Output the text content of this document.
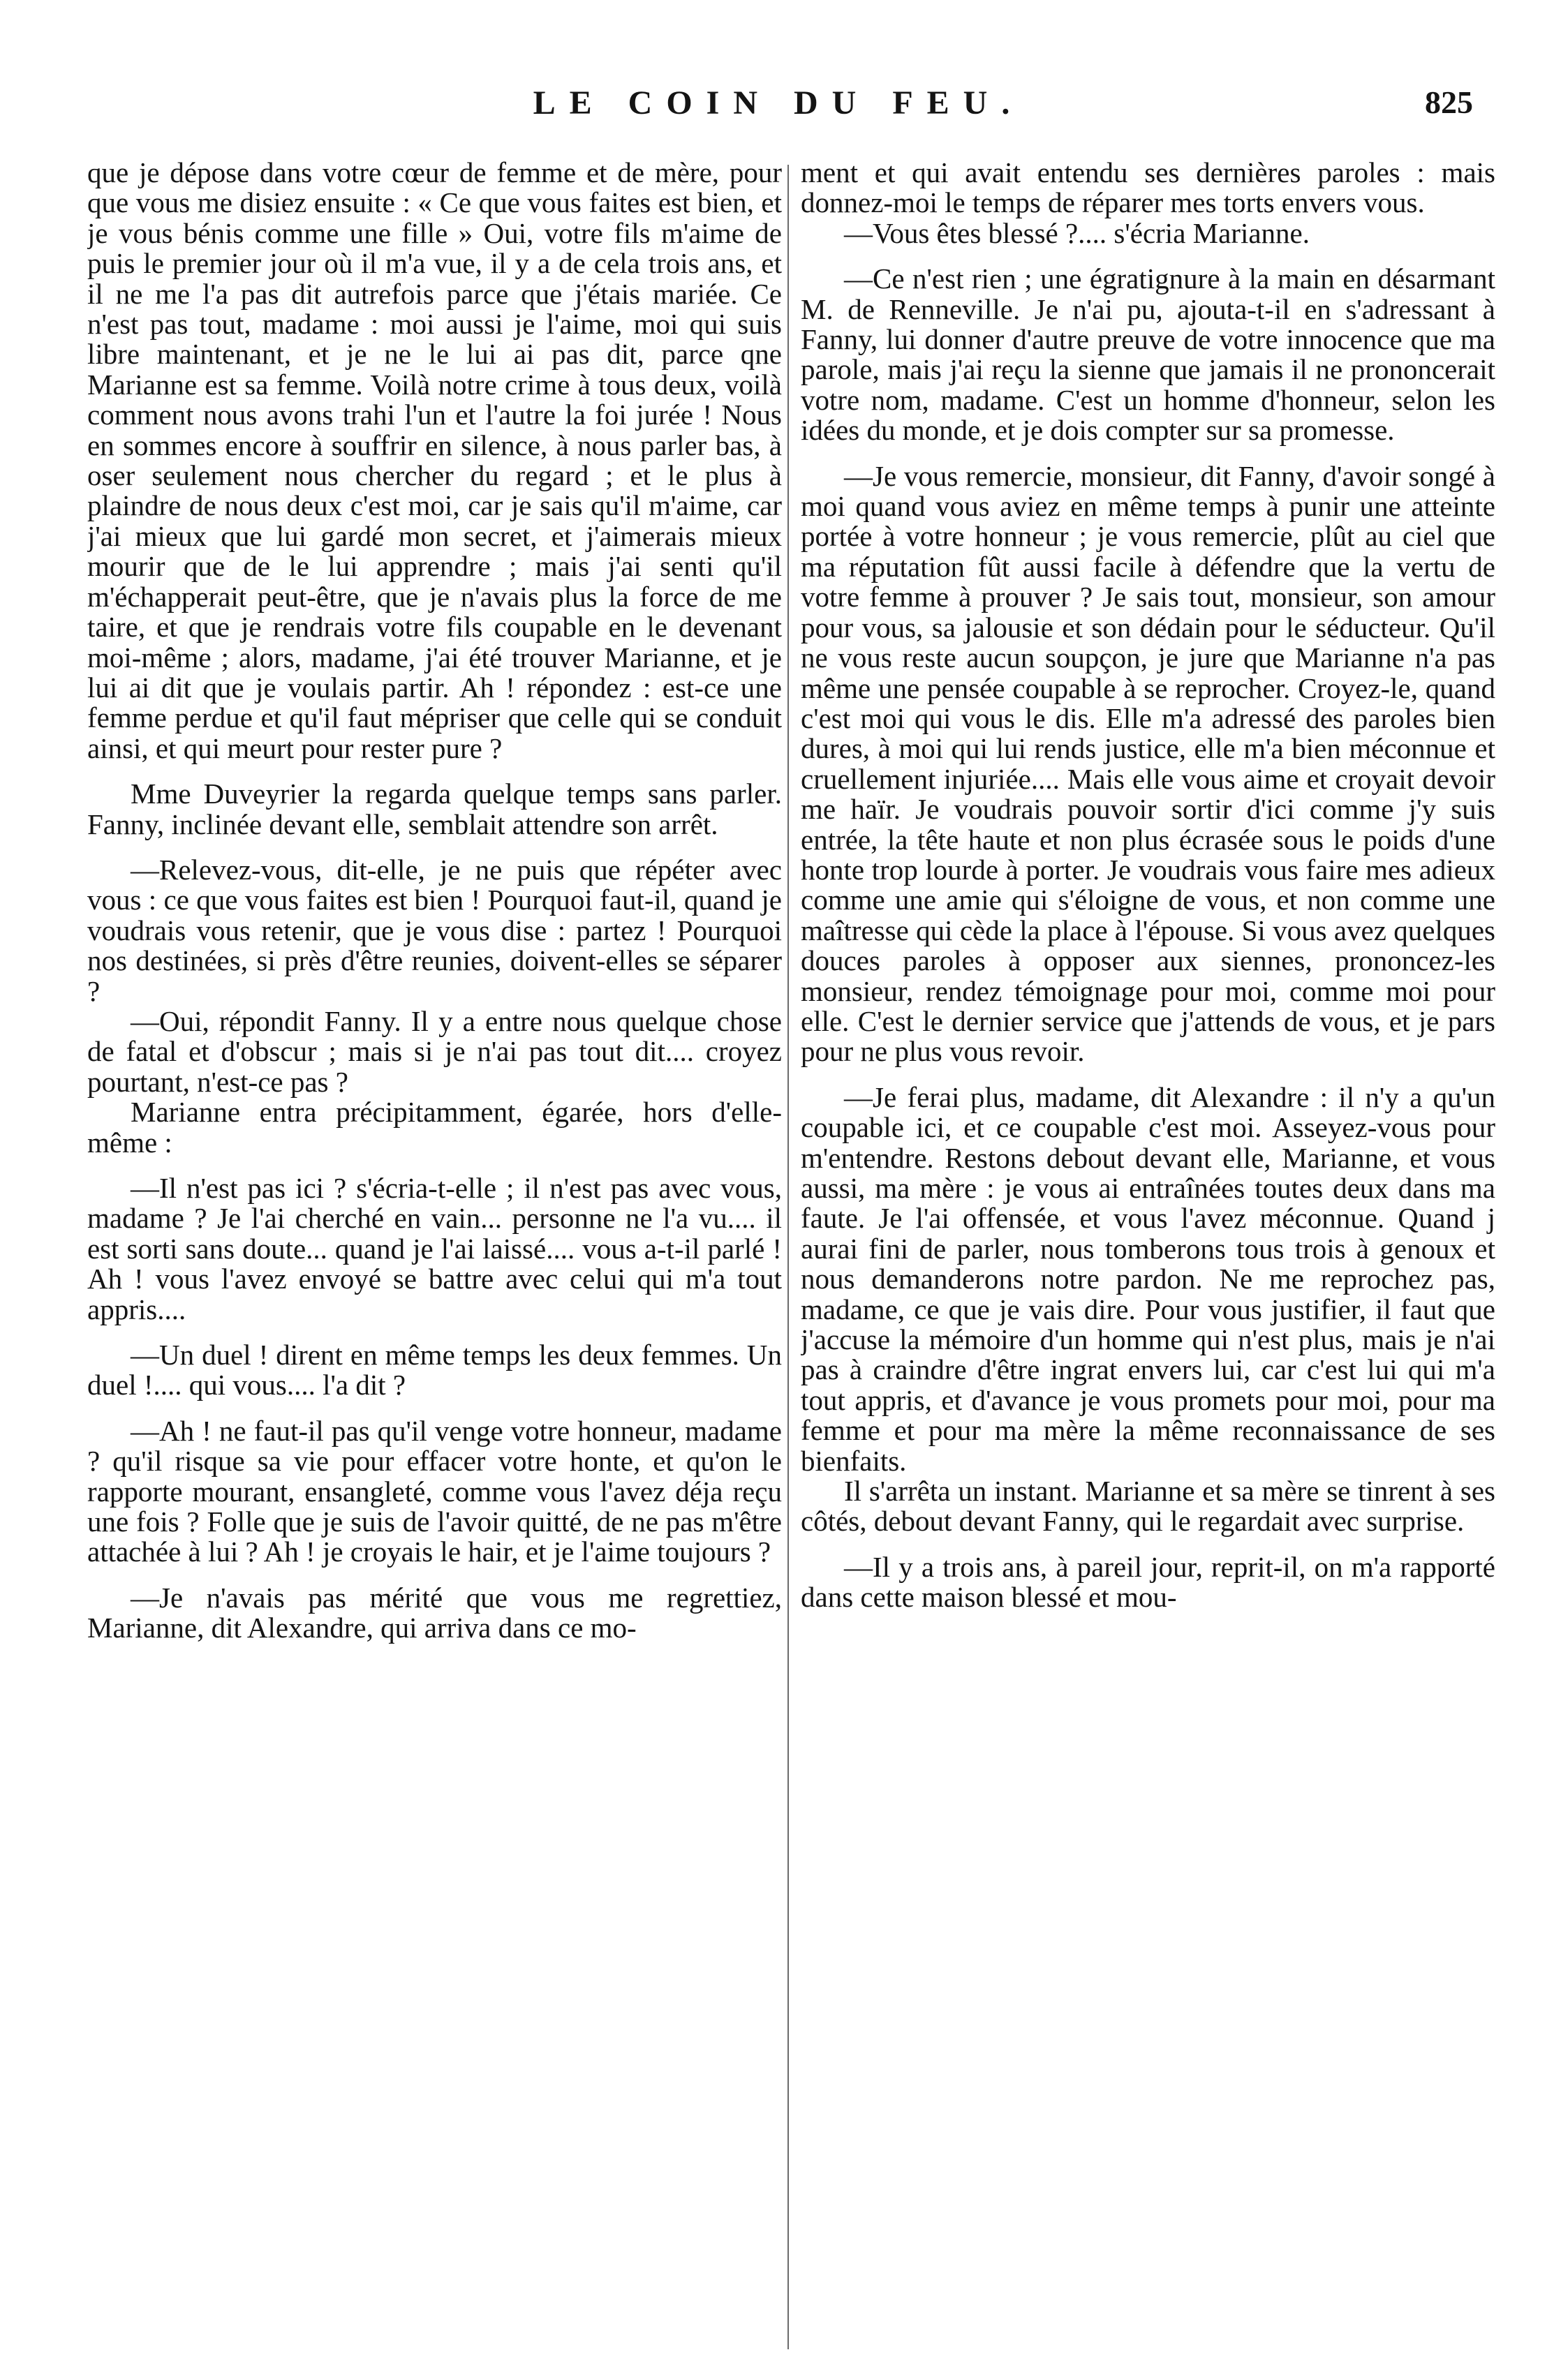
LE COIN DU FEU.	825

que je dépose dans votre cœur de femme et de mère, pour que vous me disiez ensuite : « Ce que vous faites est bien, et je vous bénis comme une fille » Oui, votre fils m'aime de puis le premier jour où il m'a vue, il y a de cela trois ans, et il ne me l'a pas dit autrefois parce que j'étais mariée. Ce n'est pas tout, madame : moi aussi je l'aime, moi qui suis libre maintenant, et je ne le lui ai pas dit, parce qne Marianne est sa femme. Voilà notre crime à tous deux, voilà comment nous avons trahi l'un et l'autre la foi jurée ! Nous en sommes encore à souffrir en silence, à nous parler bas, à oser seulement nous chercher du regard ; et le plus à plaindre de nous deux c'est moi, car je sais qu'il m'aime, car j'ai mieux que lui gardé mon secret, et j'aimerais mieux mourir que de le lui apprendre ; mais j'ai senti qu'il m'échapperait peut-être, que je n'avais plus la force de me taire, et que je rendrais votre fils coupable en le devenant moi-même ; alors, madame, j'ai été trouver Marianne, et je lui ai dit que je voulais partir. Ah ! répondez : est-ce une femme perdue et qu'il faut mépriser que celle qui se conduit ainsi, et qui meurt pour rester pure ?

Mme Duveyrier la regarda quelque temps sans parler. Fanny, inclinée devant elle, semblait attendre son arrêt.

—Relevez-vous, dit-elle, je ne puis que répéter avec vous : ce que vous faites est bien ! Pourquoi faut-il, quand je voudrais vous retenir, que je vous dise : partez ! Pourquoi nos destinées, si près d'être reunies, doivent-elles se séparer ?

—Oui, répondit Fanny. Il y a entre nous quelque chose de fatal et d'obscur ; mais si je n'ai pas tout dit.... croyez pourtant, n'est-ce pas ?

Marianne entra précipitamment, égarée, hors d'elle-même :

—Il n'est pas ici ? s'écria-t-elle ; il n'est pas avec vous, madame ? Je l'ai cherché en vain... personne ne l'a vu.... il est sorti sans doute... quand je l'ai laissé.... vous a-t-il parlé ! Ah ! vous l'avez envoyé se battre avec celui qui m'a tout appris....

—Un duel ! dirent en même temps les deux femmes. Un duel !.... qui vous.... l'a dit ?

—Ah ! ne faut-il pas qu'il venge votre honneur, madame ? qu'il risque sa vie pour effacer votre honte, et qu'on le rapporte mourant, ensangleté, comme vous l'avez déja reçu une fois ? Folle que je suis de l'avoir quitté, de ne pas m'être attachée à lui ? Ah ! je croyais le hair, et je l'aime toujours ?

—Je n'avais pas mérité que vous me regrettiez, Marianne, dit Alexandre, qui arriva dans ce mo-

ment et qui avait entendu ses dernières paroles : mais donnez-moi le temps de réparer mes torts envers vous.

—Vous êtes blessé ?.... s'écria Marianne.

—Ce n'est rien ; une égratignure à la main en désarmant M. de Renneville. Je n'ai pu, ajouta-t-il en s'adressant à Fanny, lui donner d'autre preuve de votre innocence que ma parole, mais j'ai reçu la sienne que jamais il ne prononcerait votre nom, madame. C'est un homme d'honneur, selon les idées du monde, et je dois compter sur sa promesse.

—Je vous remercie, monsieur, dit Fanny, d'avoir songé à moi quand vous aviez en même temps à punir une atteinte portée à votre honneur ; je vous remercie, plût au ciel que ma réputation fût aussi facile à défendre que la vertu de votre femme à prouver ? Je sais tout, monsieur, son amour pour vous, sa jalousie et son dédain pour le séducteur. Qu'il ne vous reste aucun soupçon, je jure que Marianne n'a pas même une pensée coupable à se reprocher. Croyez-le, quand c'est moi qui vous le dis. Elle m'a adressé des paroles bien dures, à moi qui lui rends justice, elle m'a bien méconnue et cruellement injuriée.... Mais elle vous aime et croyait devoir me haïr. Je voudrais pouvoir sortir d'ici comme j'y suis entrée, la tête haute et non plus écrasée sous le poids d'une honte trop lourde à porter. Je voudrais vous faire mes adieux comme une amie qui s'éloigne de vous, et non comme une maîtresse qui cède la place à l'épouse. Si vous avez quelques douces paroles à opposer aux siennes, prononcez-les monsieur, rendez témoignage pour moi, comme moi pour elle. C'est le dernier service que j'attends de vous, et je pars pour ne plus vous revoir.

—Je ferai plus, madame, dit Alexandre : il n'y a qu'un coupable ici, et ce coupable c'est moi. Asseyez-vous pour m'entendre. Restons debout devant elle, Marianne, et vous aussi, ma mère : je vous ai entraînées toutes deux dans ma faute. Je l'ai offensée, et vous l'avez méconnue. Quand j aurai fini de parler, nous tomberons tous trois à genoux et nous demanderons notre pardon. Ne me reprochez pas, madame, ce que je vais dire. Pour vous justifier, il faut que j'accuse la mémoire d'un homme qui n'est plus, mais je n'ai pas à craindre d'être ingrat envers lui, car c'est lui qui m'a tout appris, et d'avance je vous promets pour moi, pour ma femme et pour ma mère la même reconnaissance de ses bienfaits.

Il s'arrêta un instant. Marianne et sa mère se tinrent à ses côtés, debout devant Fanny, qui le regardait avec surprise.

—Il y a trois ans, à pareil jour, reprit-il, on m'a rapporté dans cette maison blessé et mou-
